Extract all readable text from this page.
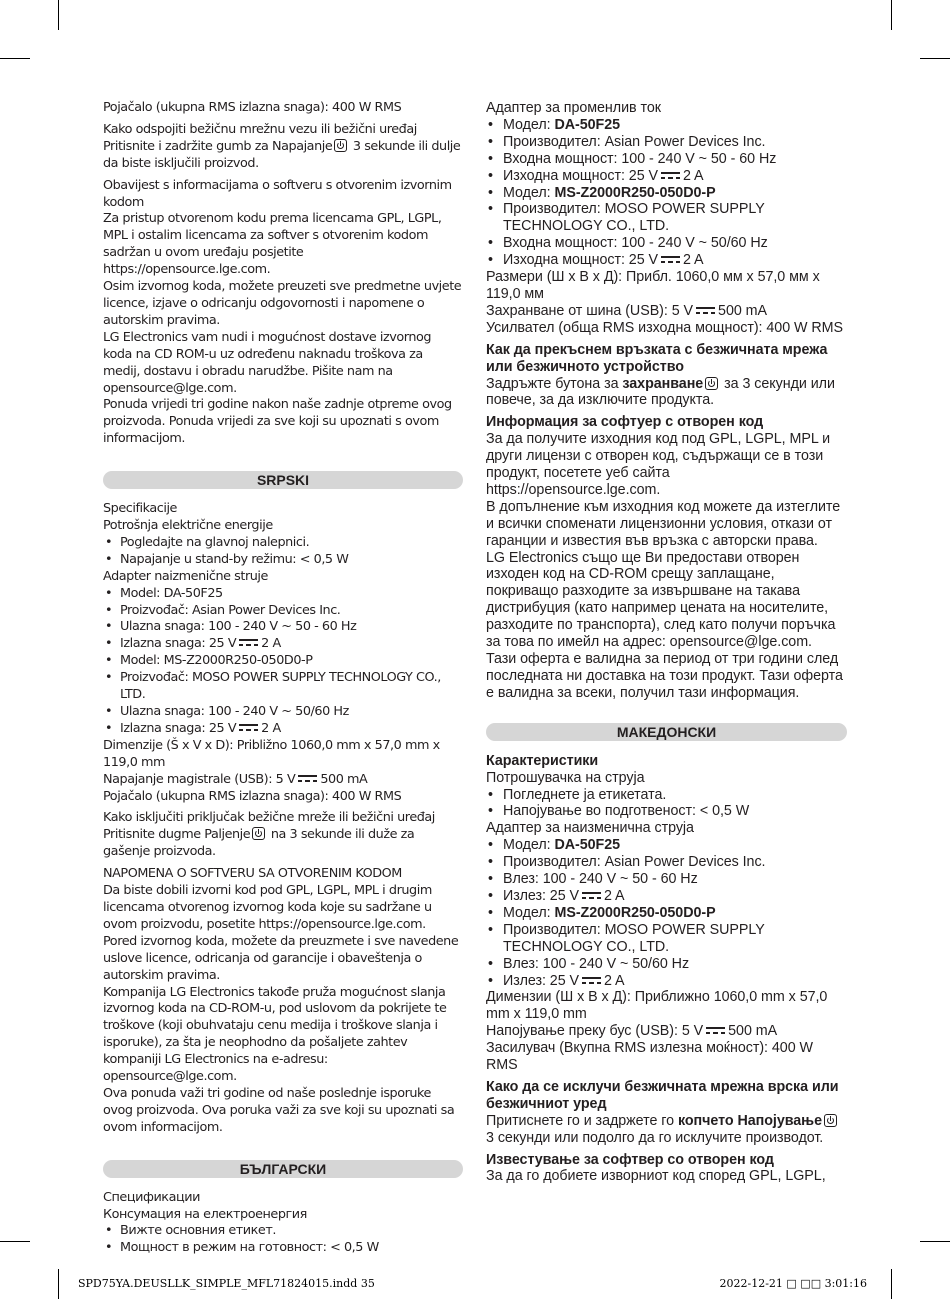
Pojačalo (ukupna RMS izlazna snaga): 400 W RMS

Kako odspojiti bežičnu mrežnu vezu ili bežični uređaj

Pritisnite i zadržite gumb za Napajanje 3 sekunde ili dulje da biste isključili proizvod.

Obavijest s informacijama o softveru s otvorenim izvornim kodom

Za pristup otvorenom kodu prema licencama GPL, LGPL, MPL i ostalim licencama za softver s otvorenim kodom sadržan u ovom uređaju posjetite https://opensource.lge.com.

Osim izvornog koda, možete preuzeti sve predmetne uvjete licence, izjave o odricanju odgovornosti i napomene o autorskim pravima.

LG Electronics vam nudi i mogućnost dostave izvornog koda na CD ROM-u uz određenu naknadu troškova za medij, dostavu i obradu narudžbe. Pišite nam na opensource@lge.com.

Ponuda vrijedi tri godine nakon naše zadnje otpreme ovog proizvoda. Ponuda vrijedi za sve koji su upoznati s ovom informacijom.

SRPSKI

Specifikacije

Potrošnja električne energije

• Pogledajte na glavnoj nalepnici.
• Napajanje u stand-by režimu: < 0,5 W

Adapter naizmenične struje

• Model: DA-50F25
• Proizvođač: Asian Power Devices Inc.
• Ulazna snaga: 100 - 240 V ~ 50 - 60 Hz
• Izlazna snaga: 25 V 2 A
• Model: MS-Z2000R250-050D0-P
• Proizvođač: MOSO POWER SUPPLY TECHNOLOGY CO., LTD.
• Ulazna snaga: 100 - 240 V ~ 50/60 Hz
• Izlazna snaga: 25 V 2 A

Dimenzije (Š x V x D): Približno 1060,0 mm x 57,0 mm x 119,0 mm

Napajanje magistrale (USB): 5 V 500 mA

Pojačalo (ukupna RMS izlazna snaga): 400 W RMS

Kako isključiti priključak bežične mreže ili bežični uređaj

Pritisnite dugme Paljenje na 3 sekunde ili duže za gašenje proizvoda.

NAPOMENA O SOFTVERU SA OTVORENIM KODOM

Da biste dobili izvorni kod pod GPL, LGPL, MPL i drugim licencama otvorenog izvornog koda koje su sadržane u ovom proizvodu, posetite https://opensource.lge.com.

Pored izvornog koda, možete da preuzmete i sve navedene uslove licence, odricanja od garancije i obaveštenja o autorskim pravima.

Kompanija LG Electronics takođe pruža mogućnost slanja izvornog koda na CD-ROM-u, pod uslovom da pokrijete te troškove (koji obuhvataju cenu medija i troškove slanja i isporuke), za šta je neophodno da pošaljete zahtev kompaniji LG Electronics na e-adresu: opensource@lge.com.

Ova ponuda važi tri godine od naše poslednje isporuke ovog proizvoda. Ova poruka važi za sve koji su upoznati sa ovom informacijom.

БЪЛГАРСКИ

Спецификации

Консумация на електроенергия

• Вижте основния етикет.
• Мощност в режим на готовност: < 0,5 W

Адаптер за променлив ток

• Модел: DA-50F25
• Производител: Asian Power Devices Inc.
• Входна мощност: 100 - 240 V ~ 50 - 60 Hz
• Изходна мощност: 25 V 2 A
• Модел: MS-Z2000R250-050D0-P
• Производител: MOSO POWER SUPPLY TECHNOLOGY CO., LTD.
• Входна мощност: 100 - 240 V ~ 50/60 Hz
• Изходна мощност: 25 V 2 A

Размери (Ш x В x Д): Прибл. 1060,0 мм x 57,0 мм x 119,0 мм

Захранване от шина (USB): 5 V 500 mA

Усилвател (обща RMS изходна мощност): 400 W RMS

Как да прекъснем връзката с безжичната мрежа или безжичното устройство

Задръжте бутона за захранване за 3 секунди или повече, за да изключите продукта.

Информация за софтуер с отворен код

За да получите изходния код под GPL, LGPL, MPL и други лицензи с отворен код, съдържащи се в този продукт, посетете уеб сайта https://opensource.lge.com.

В допълнение към изходния код можете да изтеглите и всички споменати лицензионни условия, откази от гаранции и известия във връзка с авторски права.

LG Electronics също ще Ви предостави отворен изходен код на CD-ROM срещу заплащане, покриващо разходите за извършване на такава дистрибуция (като например цената на носителите, разходите по транспорта), след като получи поръчка за това по имейл на адрес: opensource@lge.com.

Тази оферта е валидна за период от три години след последната ни доставка на този продукт. Тази оферта е валидна за всеки, получил тази информация.

МАКЕДОНСКИ

Карактеристики

Потрошувачка на струја

• Погледнете ја етикетата.
• Напојување во подготвеност: < 0,5 W

Адаптер за наизменична струја

• Модел: DA-50F25
• Производител: Asian Power Devices Inc.
• Влез: 100 - 240 V ~ 50 - 60 Hz
• Излез: 25 V 2 A
• Модел: MS-Z2000R250-050D0-P
• Производител: MOSO POWER SUPPLY TECHNOLOGY CO., LTD.
• Влез: 100 - 240 V ~ 50/60 Hz
• Излез: 25 V 2 A

Димензии (Ш x В x Д): Приближно 1060,0 mm x 57,0 mm x 119,0 mm

Напојување преку бус (USB): 5 V 500 mA

Засилувач (Вкупна RMS излезна моќност): 400 W RMS

Како да се исклучи безжичната мрежна врска или безжичниот уред

Притиснете го и задржете го копчето Напојување 3 секунди или подолго да го исклучите производот.

Известување за софтвер со отворен код

За да го добиете изворниот код според GPL, LGPL,

SPD75YA.DEUSLLK_SIMPLE_MFL71824015.indd 35	2022-12-21 □ □□ 3:01:16
